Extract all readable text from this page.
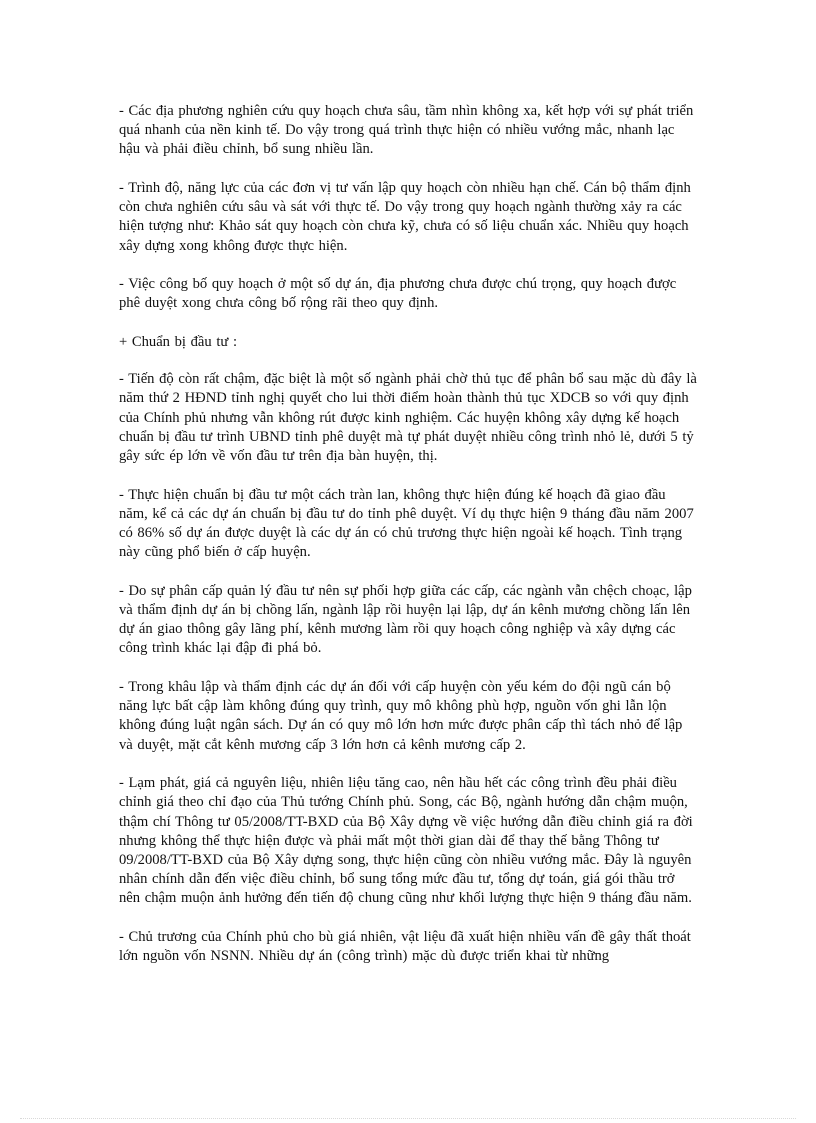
- Các địa phương nghiên cứu quy hoạch chưa sâu, tầm nhìn không xa, kết hợp với sự phát triển quá nhanh của nền kinh tế. Do vậy trong quá trình thực hiện có nhiều vướng mắc, nhanh lạc hậu và phải điều chỉnh, bổ sung nhiều lần.

- Trình độ, năng lực của các đơn vị tư vấn lập quy hoạch còn nhiều hạn chế. Cán bộ thẩm định còn chưa nghiên cứu sâu và sát với thực tế. Do vậy trong quy hoạch ngành thường xảy ra các hiện tượng như: Khảo sát quy hoạch còn chưa kỹ, chưa có số liệu chuẩn xác. Nhiều quy hoạch xây dựng xong không được thực hiện.

- Việc công bố quy hoạch ở một số dự án, địa phương chưa được chú trọng, quy hoạch được phê duyệt xong chưa công bố rộng rãi theo quy định.

+ Chuẩn bị đầu tư :

- Tiến độ còn rất chậm, đặc biệt là một số ngành phải chờ thủ tục để phân bổ sau mặc dù đây là năm thứ 2 HĐND tỉnh nghị quyết cho lui thời điểm hoàn thành thủ tục XDCB so với quy định của Chính phủ nhưng vẫn không rút được kinh nghiệm. Các huyện không xây dựng kế hoạch chuẩn bị đầu tư trình UBND tỉnh phê duyệt mà tự phát duyệt nhiều công trình nhỏ lẻ, dưới 5 tỷ gây sức ép lớn về vốn đầu tư trên địa bàn huyện, thị.

- Thực hiện chuẩn bị đầu tư một cách tràn lan, không thực hiện đúng kế hoạch đã giao đầu năm, kể cả các dự án chuẩn bị đầu tư do tỉnh phê duyệt. Ví dụ thực hiện 9 tháng đầu năm 2007 có 86% số dự án được duyệt là các dự án có chủ trương thực hiện ngoài kế hoạch. Tình trạng này cũng phổ biến ở cấp huyện.

- Do sự phân cấp quản lý đầu tư nên sự phối hợp giữa các cấp, các ngành vẫn chệch choạc, lập và thẩm định dự án bị chồng lấn, ngành lập rồi huyện lại lập, dự án kênh mương chồng lấn lên dự án giao thông gây lãng phí, kênh mương làm rồi quy hoạch công nghiệp và xây dựng các công trình khác lại đập đi phá bỏ.

- Trong khâu lập và thẩm định các dự án đối với cấp huyện còn yếu kém do đội ngũ cán bộ năng lực bất cập làm không đúng quy trình, quy mô không phù hợp, nguồn vốn ghi lẫn lộn không đúng luật ngân sách. Dự án có quy mô lớn hơn mức được phân cấp thì tách nhỏ để lập và duyệt, mặt cắt kênh mương cấp 3 lớn hơn cả kênh mương cấp 2.

- Lạm phát, giá cả nguyên liệu, nhiên liệu tăng cao, nên hầu hết các công trình đều phải điều chỉnh giá theo chỉ đạo của Thủ tướng Chính phủ. Song, các Bộ, ngành hướng dẫn chậm muộn, thậm chí Thông tư 05/2008/TT-BXD của Bộ Xây dựng về việc hướng dẫn điều chỉnh giá ra đời nhưng không thể thực hiện được và phải mất một thời gian dài để thay thế bằng Thông tư 09/2008/TT-BXD của Bộ Xây dựng song, thực hiện cũng còn nhiều vướng mắc. Đây là nguyên nhân chính dẫn đến việc điều chỉnh, bổ sung tổng mức đầu tư, tổng dự toán, giá gói thầu trở nên chậm muộn ảnh hưởng đến tiến độ chung cũng như khối lượng thực hiện 9 tháng đầu năm.

- Chủ trương của Chính phủ cho bù giá nhiên, vật liệu đã xuất hiện nhiều vấn đề gây thất thoát lớn nguồn vốn NSNN. Nhiều dự án (công trình) mặc dù được triển khai từ những
